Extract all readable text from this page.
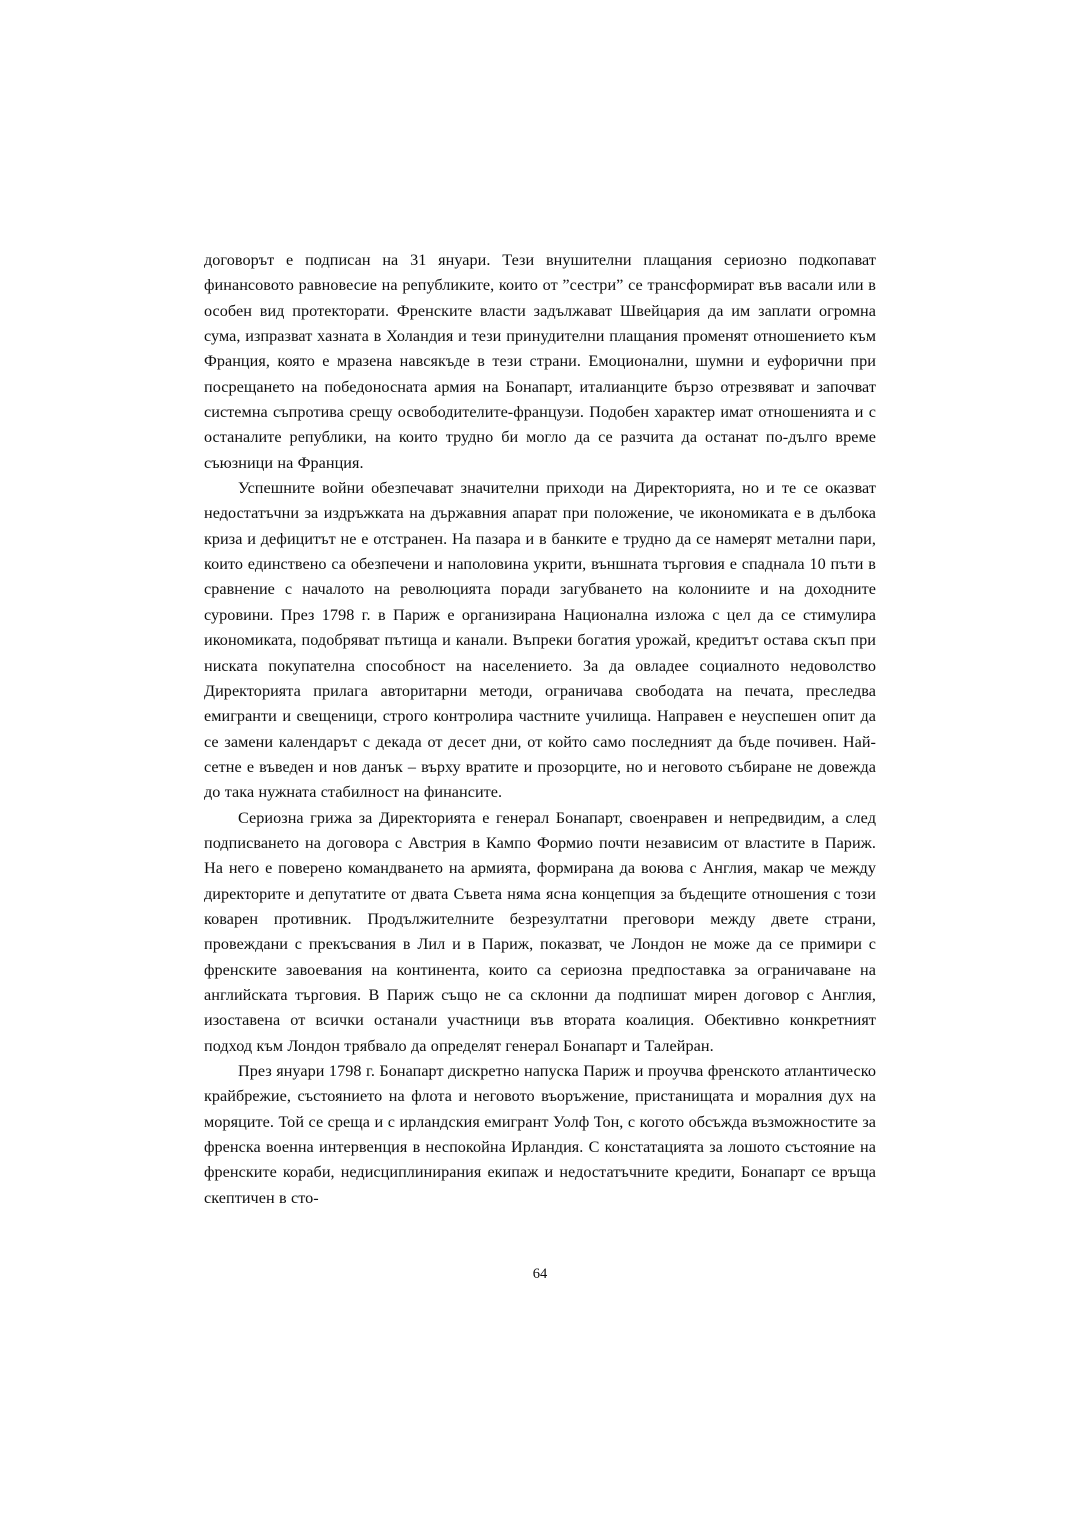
договорът е подписан на 31 януари. Тези внушителни плащания сериозно подкопават финансовото равновесие на републиките, които от ”сестри” се трансформират във васали или в особен вид протекторати. Френските власти задължават Швейцария да им заплати огромна сума, изпразват хазната в Холандия и тези принудителни плащания променят отношението към Франция, която е мразена навсякъде в тези страни. Емоционални, шумни и еуфорични при посрещането на победоносната армия на Бонапарт, италианците бързо отрезвяват и започват системна съпротива срещу освободителите-французи. Подобен характер имат отношенията и с останалите републики, на които трудно би могло да се разчита да останат по-дълго време съюзници на Франция.

Успешните войни обезпечават значителни приходи на Директорията, но и те се оказват недостатъчни за издръжката на държавния апарат при положение, че икономиката е в дълбока криза и дефицитът не е отстранен. На пазара и в банките е трудно да се намерят метални пари, които единствено са обезпечени и наполовина укрити, външната търговия е спаднала 10 пъти в сравнение с началото на революцията поради загубването на колониите и на доходните суровини. През 1798 г. в Париж е организирана Национална изложа с цел да се стимулира икономиката, подобряват пътища и канали. Въпреки богатия урожай, кредитът остава скъп при ниската покупателна способност на населението. За да овладее социалното недоволство Директорията прилага авторитарни методи, ограничава свободата на печата, преследва емигранти и свещеници, строго контролира частните училища. Направен е неуспешен опит да се замени календарът с декада от десет дни, от който само последният да бъде почивен. Най-сетне е въведен и нов данък – върху вратите и прозорците, но и неговото събиране не довежда до така нужната стабилност на финансите.

Сериозна грижа за Директорията е генерал Бонапарт, своенравен и непредвидим, а след подписването на договора с Австрия в Кампо Формио почти независим от властите в Париж. На него е поверено командването на армията, формирана да воюва с Англия, макар че между директорите и депутатите от двата Съвета няма ясна концепция за бъдещите отношения с този коварен противник. Продължителните безрезултатни преговори между двете страни, провеждани с прекъсвания в Лил и в Париж, показват, че Лондон не може да се примири с френските завоевания на континента, които са сериозна предпоставка за ограничаване на английската търговия. В Париж също не са склонни да подпишат мирен договор с Англия, изоставена от всички останали участници във втората коалиция. Обективно конкретният подход към Лондон трябвало да определят генерал Бонапарт и Талейран.

През януари 1798 г. Бонапарт дискретно напуска Париж и проучва френското атлантическо крайбрежие, състоянието на флота и неговото въоръжение, пристанищата и моралния дух на моряците. Той се среща и с ирландския емигрант Уолф Тон, с когото обсъжда възможностите за френска военна интервенция в неспокойна Ирландия. С констатацията за лошото състояние на френските кораби, недисциплинирания екипаж и недостатъчните кредити, Бонапарт се връща скептичен в сто-

64
